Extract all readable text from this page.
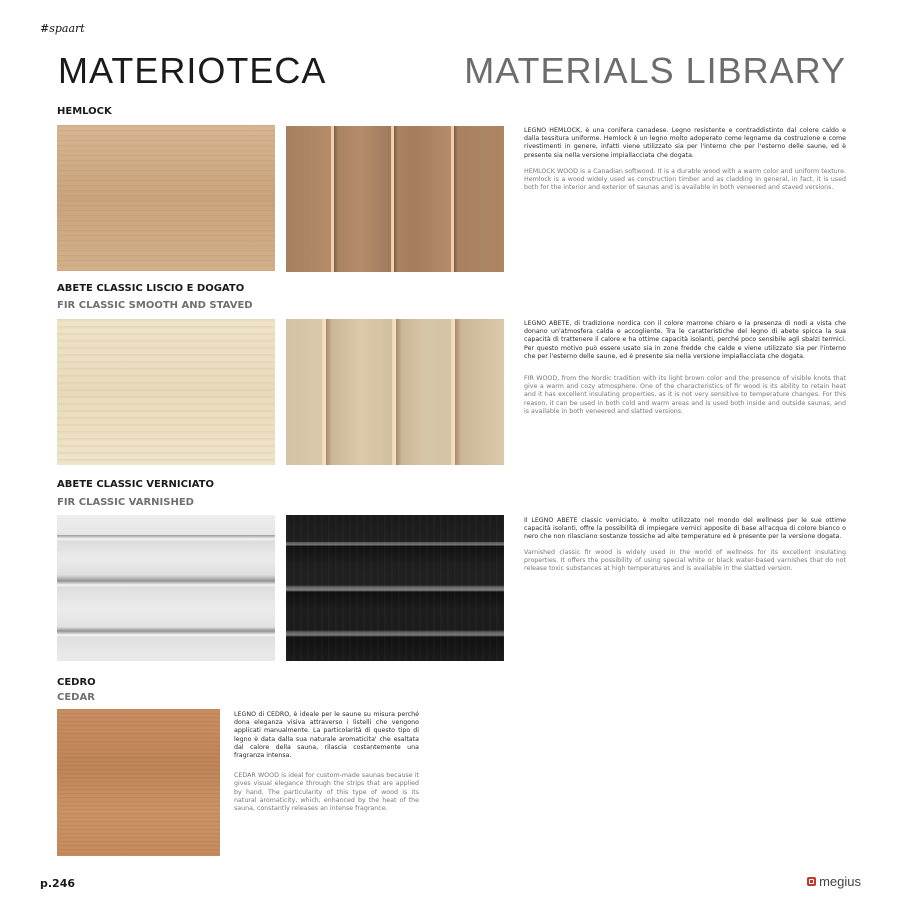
#spaart
MATERIOTECA	MATERIALS LIBRARY
HEMLOCK

LEGNO HEMLOCK, è una conifera canadese. Legno resistente e contraddistinto dal colore caldo e dalla tessitura uniforme. Hemlock è un legno molto adoperato come legname da costruzione e come rivestimenti in genere, infatti viene utilizzato sia per l'interno che per l'esterno delle saune, ed è presente sia nella versione impiallacciata che dogata.

HEMLOCK WOOD is a Canadian softwood. It is a durable wood with a warm color and uniform texture. Hemlock is a wood widely used as construction timber and as cladding in general, in fact, it is used both for the interior and exterior of saunas and is available in both veneered and staved versions.

ABETE CLASSIC LISCIO E DOGATO
FIR CLASSIC SMOOTH AND STAVED

LEGNO ABETE, di tradizione nordica con il colore marrone chiaro e la presenza di nodi a vista che donano un'atmosfera calda e accogliente. Tra le caratteristiche del legno di abete spicca la sua capacità di trattenere il calore e ha ottime capacità isolanti, perché poco sensibile agli sbalzi termici. Per questo motivo può essere usato sia in zone fredde che calde e viene utilizzato sia per l'interno che per l'esterno delle saune, ed è presente sia nella versione impiallacciata che dogata.

FIR WOOD, from the Nordic tradition with its light brown color and the presence of visible knots that give a warm and cozy atmosphere. One of the characteristics of fir wood is its ability to retain heat and it has excellent insulating properties, as it is not very sensitive to temperature changes. For this reason, it can be used in both cold and warm areas and is used both inside and outside saunas, and is available in both veneered and slatted versions.

ABETE CLASSIC VERNICIATO
FIR CLASSIC VARNISHED

Il LEGNO ABETE classic verniciato, è molto utilizzato nel mondo del wellness per le sue ottime capacità isolanti, offre la possibilità di impiegare vernici apposite di base all'acqua di colore bianco o nero che non rilasciano sostanze tossiche ad alte temperature ed è presente per la versione dogata.

Varnished classic fir wood is widely used in the world of wellness for its excellent insulating properties. It offers the possibility of using special white or black water-based varnishes that do not release toxic substances at high temperatures and is available in the slatted version.

CEDRO
CEDAR

LEGNO di CEDRO, è ideale per le saune su misura perché dona eleganza visiva attraverso i listelli che vengono applicati manualmente. La particolarità di questo tipo di legno è data dalla sua naturale aromaticita' che esaltata dal calore della sauna, rilascia costantemente una fragranza intensa.

CEDAR WOOD is ideal for custom-made saunas because it gives visual elegance through the strips that are applied by hand. The particularity of this type of wood is its natural aromaticity, which, enhanced by the heat of the sauna, constantly releases an intense fragrance.

p.246	megius
